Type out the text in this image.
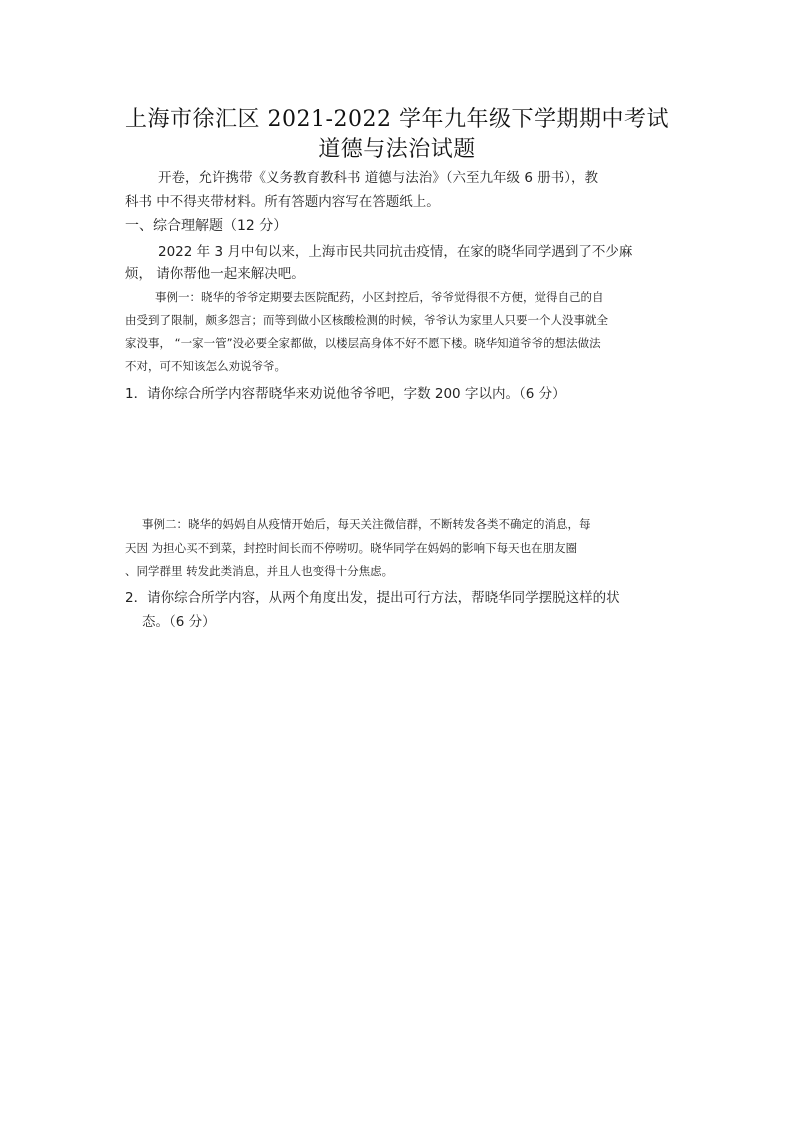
上海市徐汇区 2021-2022 学年九年级下学期期中考试
道德与法治试题
开卷，允许携带《义务教育教科书 道德与法治》（六至九年级 6 册书），教
科书 中不得夹带材料。所有答题内容写在答题纸上。
一、综合理解题（12 分）
2022 年 3 月中旬以来，上海市民共同抗击疫情，在家的晓华同学遇到了不少麻
烦， 请你帮他一起来解决吧。
事例一：晓华的爷爷定期要去医院配药，小区封控后，爷爷觉得很不方便，觉得自己的自
由受到了限制，颇多怨言；而等到做小区核酸检测的时候，爷爷认为家里人只要一个人没事就全
家没事， “一家一管”没必要全家都做，以楼层高身体不好不愿下楼。晓华知道爷爷的想法做法
不对，可不知该怎么劝说爷爷。
1．请你综合所学内容帮晓华来劝说他爷爷吧，字数 200 字以内。（6 分）
事例二：晓华的妈妈自从疫情开始后，每天关注微信群，不断转发各类不确定的消息，每
天因 为担心买不到菜，封控时间长而不停唠叨。晓华同学在妈妈的影响下每天也在朋友圈
、同学群里 转发此类消息，并且人也变得十分焦虑。
2．请你综合所学内容，从两个角度出发，提出可行方法，帮晓华同学摆脱这样的状
态。（6 分）
